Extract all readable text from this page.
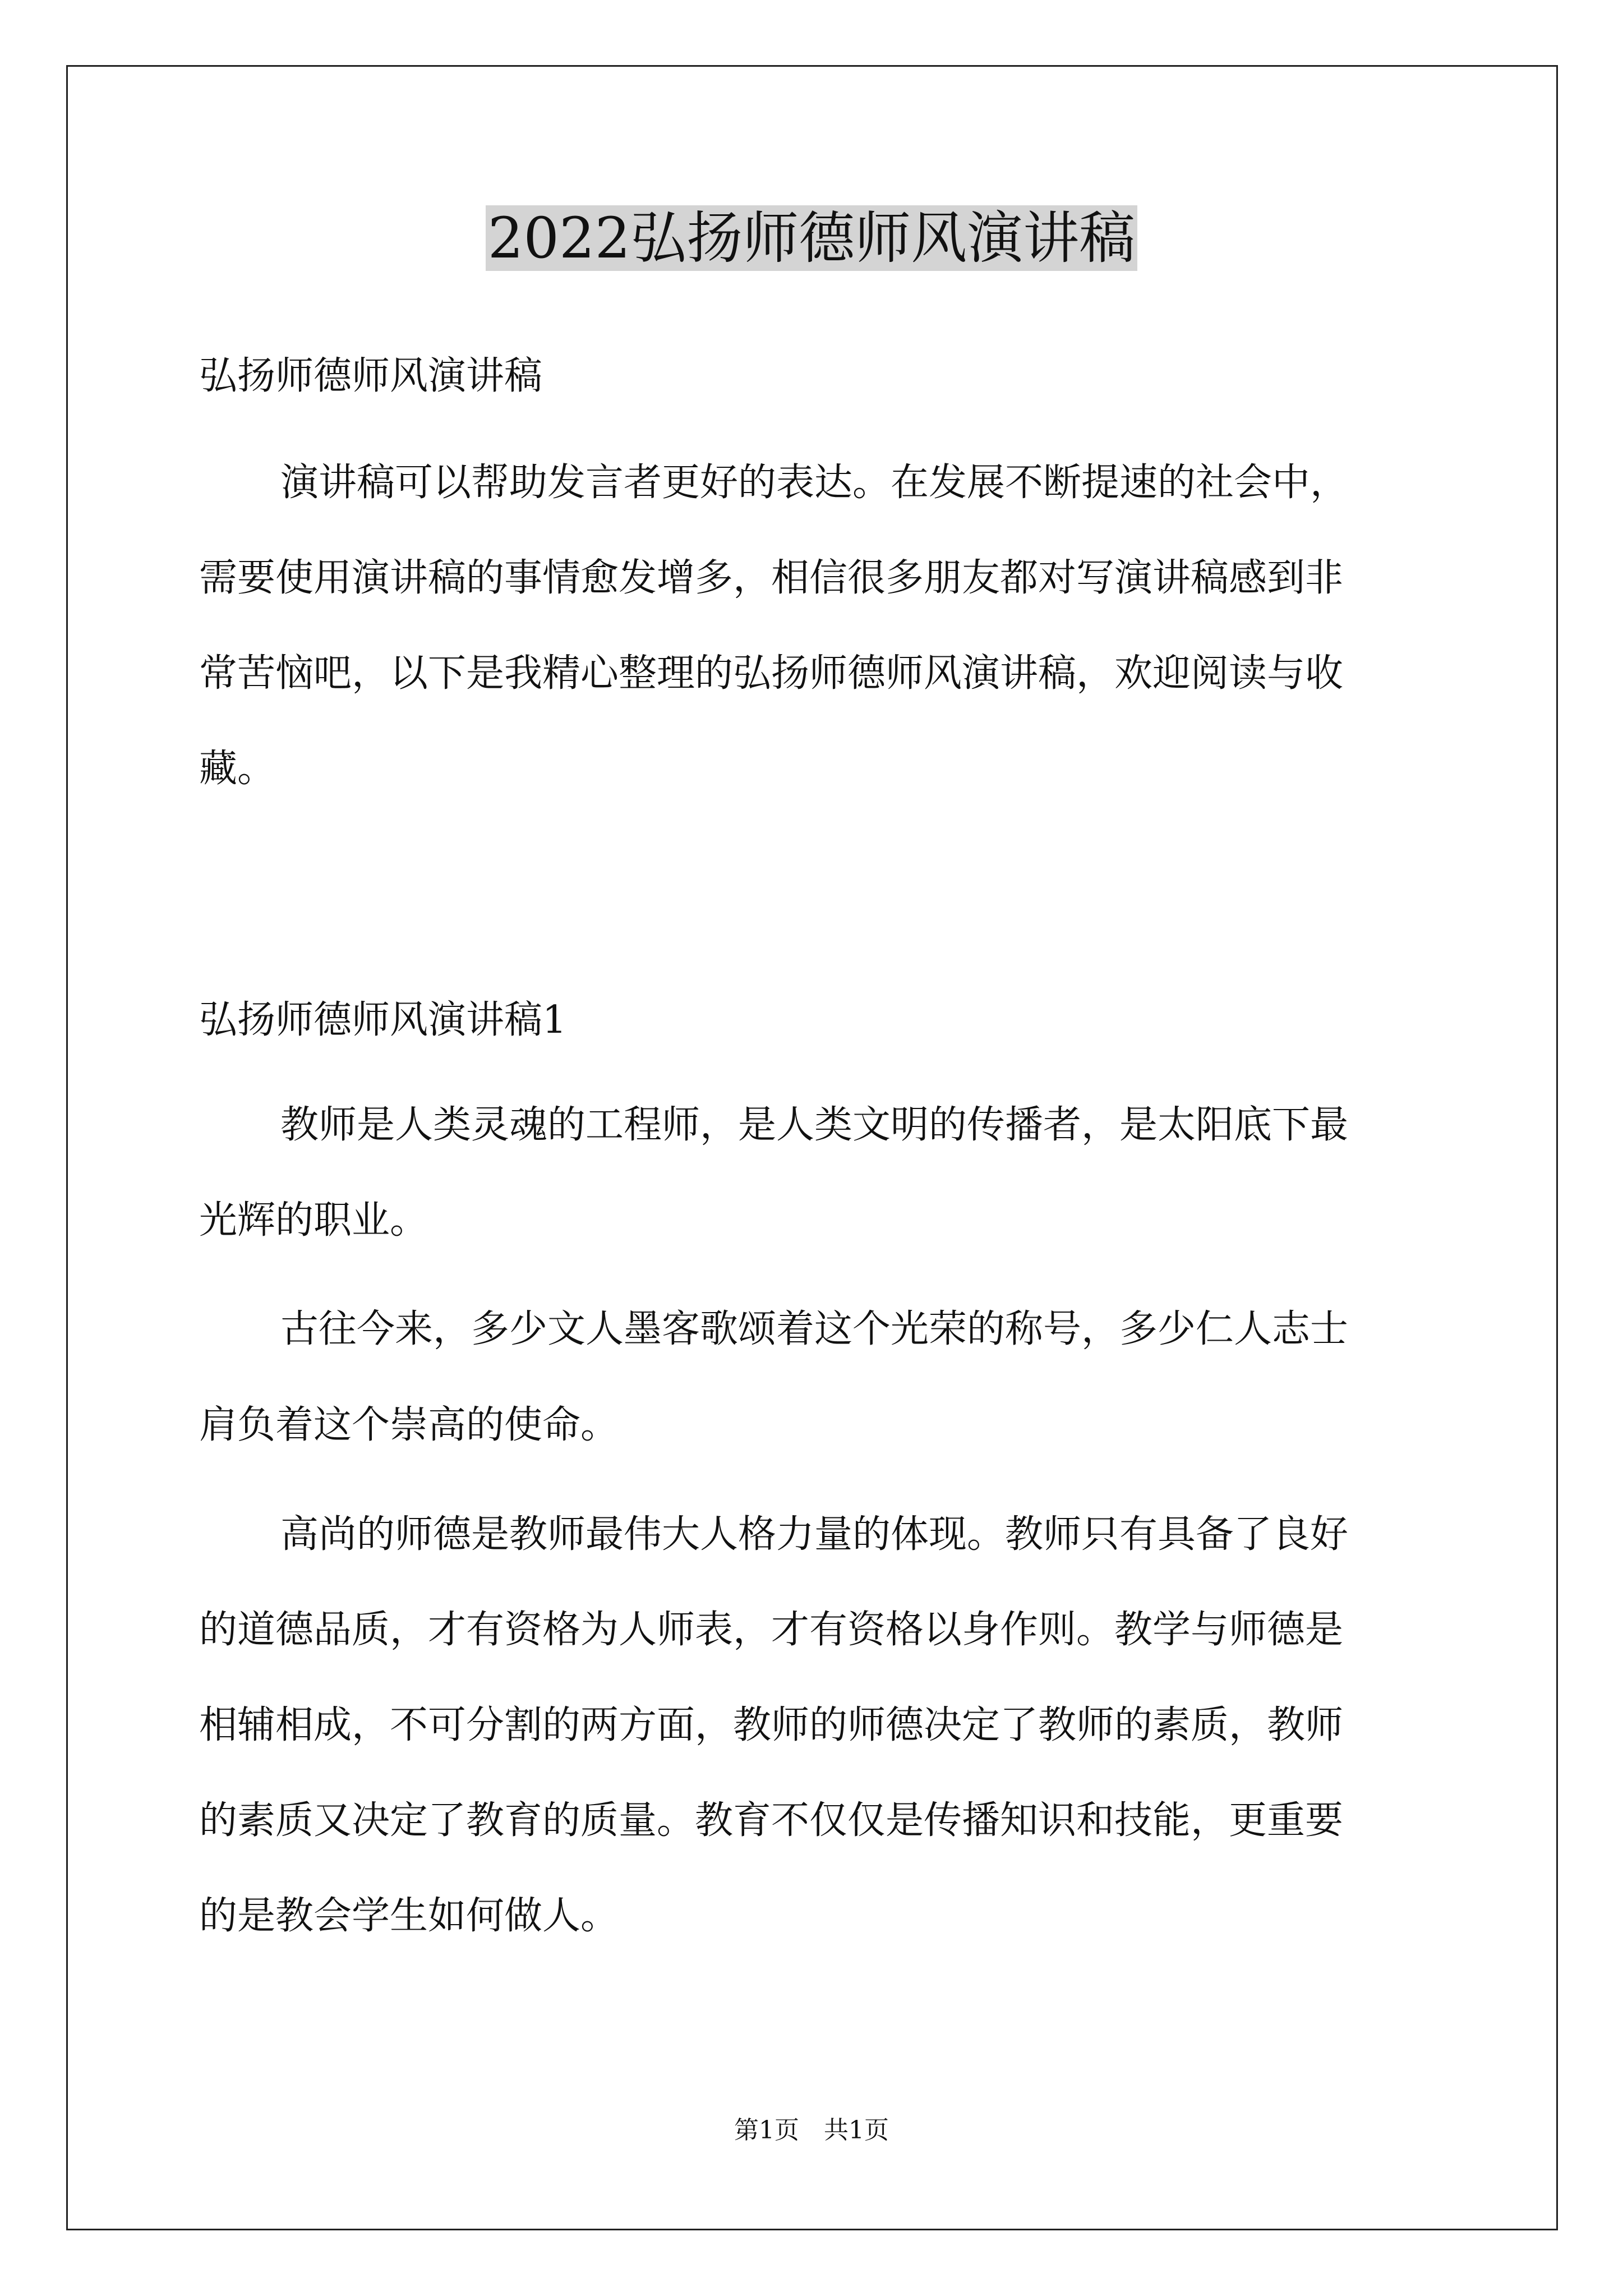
2022弘扬师德师风演讲稿
弘扬师德师风演讲稿
演讲稿可以帮助发言者更好的表达。在发展不断提速的社会中，
需要使用演讲稿的事情愈发增多，相信很多朋友都对写演讲稿感到非
常苦恼吧，以下是我精心整理的弘扬师德师风演讲稿，欢迎阅读与收
藏。
弘扬师德师风演讲稿1
教师是人类灵魂的工程师，是人类文明的传播者，是太阳底下最
光辉的职业。
古往今来，多少文人墨客歌颂着这个光荣的称号，多少仁人志士
肩负着这个崇高的使命。
高尚的师德是教师最伟大人格力量的体现。教师只有具备了良好
的道德品质，才有资格为人师表，才有资格以身作则。教学与师德是
相辅相成，不可分割的两方面，教师的师德决定了教师的素质，教师
的素质又决定了教育的质量。教育不仅仅是传播知识和技能，更重要
的是教会学生如何做人。
第1页　共1页
